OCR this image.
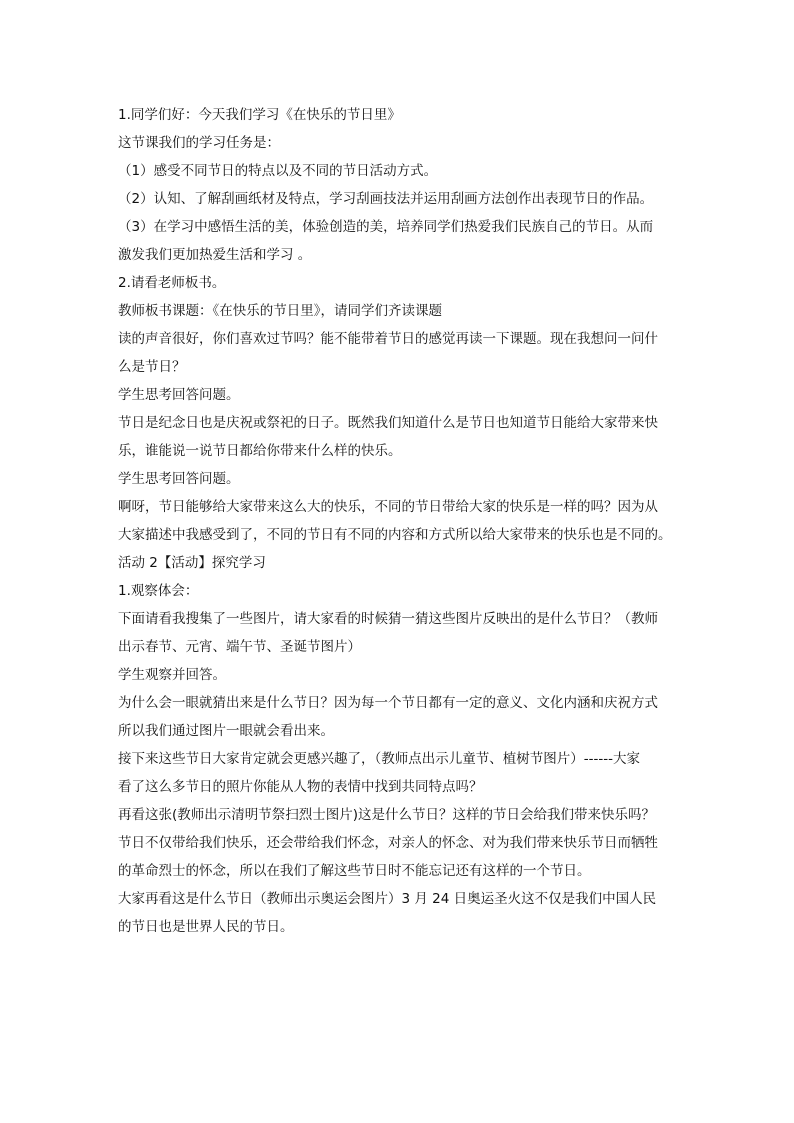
1.同学们好：今天我们学习《在快乐的节日里》
这节课我们的学习任务是：
（1）感受不同节日的特点以及不同的节日活动方式。
（2）认知、了解刮画纸材及特点，学习刮画技法并运用刮画方法创作出表现节日的作品。
（3）在学习中感悟生活的美，体验创造的美，培养同学们热爱我们民族自己的节日。从而
激发我们更加热爱生活和学习 。
2.请看老师板书。
教师板书课题：《在快乐的节日里》，请同学们齐读课题
读的声音很好，你们喜欢过节吗？能不能带着节日的感觉再读一下课题。现在我想问一问什
么是节日？
学生思考回答问题。
节日是纪念日也是庆祝或祭祀的日子。既然我们知道什么是节日也知道节日能给大家带来快
乐，谁能说一说节日都给你带来什么样的快乐。
学生思考回答问题。
啊呀，节日能够给大家带来这么大的快乐，不同的节日带给大家的快乐是一样的吗？因为从
大家描述中我感受到了，不同的节日有不同的内容和方式所以给大家带来的快乐也是不同的。
活动 2【活动】探究学习
1.观察体会：
下面请看我搜集了一些图片，请大家看的时候猜一猜这些图片反映出的是什么节日？（教师
出示春节、元宵、端午节、圣诞节图片）
学生观察并回答。
为什么会一眼就猜出来是什么节日？因为每一个节日都有一定的意义、文化内涵和庆祝方式
所以我们通过图片一眼就会看出来。
接下来这些节日大家肯定就会更感兴趣了，（教师点出示儿童节、植树节图片）------大家
看了这么多节日的照片你能从人物的表情中找到共同特点吗？
再看这张(教师出示清明节祭扫烈士图片)这是什么节日？这样的节日会给我们带来快乐吗？
节日不仅带给我们快乐，还会带给我们怀念，对亲人的怀念、对为我们带来快乐节日而牺牲
的革命烈士的怀念，所以在我们了解这些节日时不能忘记还有这样的一个节日。
大家再看这是什么节日（教师出示奥运会图片）3 月 24 日奥运圣火这不仅是我们中国人民
的节日也是世界人民的节日。
